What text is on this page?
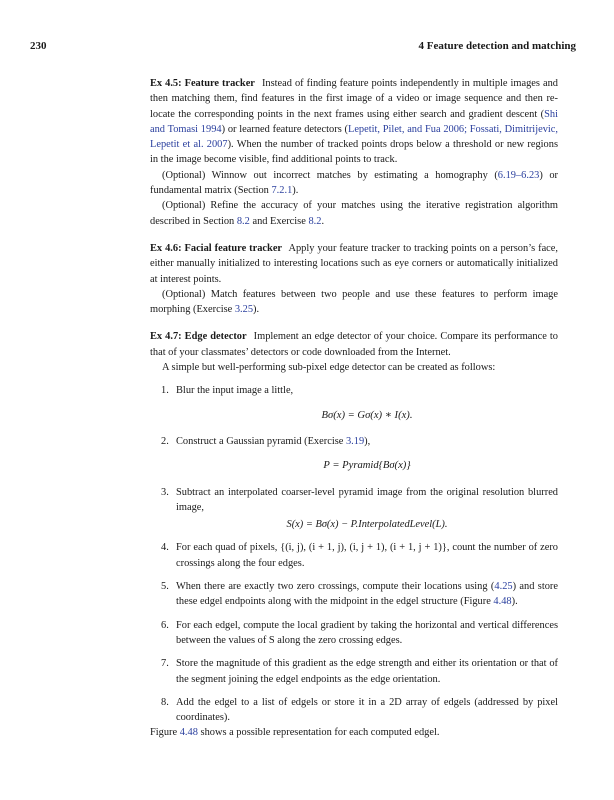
230	4 Feature detection and matching

Ex 4.5: Feature tracker Instead of finding feature points independently in multiple images and then matching them, find features in the first image of a video or image sequence and then re-locate the corresponding points in the next frames using either search and gradient descent (Shi and Tomasi 1994) or learned feature detectors (Lepetit, Pilet, and Fua 2006; Fossati, Dimitrijevic, Lepetit et al. 2007). When the number of tracked points drops below a threshold or new regions in the image become visible, find additional points to track.

(Optional) Winnow out incorrect matches by estimating a homography (6.19–6.23) or fundamental matrix (Section 7.2.1).

(Optional) Refine the accuracy of your matches using the iterative registration algorithm described in Section 8.2 and Exercise 8.2.

Ex 4.6: Facial feature tracker Apply your feature tracker to tracking points on a person’s face, either manually initialized to interesting locations such as eye corners or automatically initialized at interest points.

(Optional) Match features between two people and use these features to perform image morphing (Exercise 3.25).

Ex 4.7: Edge detector Implement an edge detector of your choice. Compare its performance to that of your classmates’ detectors or code downloaded from the Internet.

A simple but well-performing sub-pixel edge detector can be created as follows:

1. Blur the input image a little,
Bσ(x) = Gσ(x) ∗ I(x).
2. Construct a Gaussian pyramid (Exercise 3.19),
P = Pyramid{Bσ(x)}
3. Subtract an interpolated coarser-level pyramid image from the original resolution blurred image,
S(x) = Bσ(x) − P.InterpolatedLevel(L).
4. For each quad of pixels, {(i, j), (i + 1, j), (i, j + 1), (i + 1, j + 1)}, count the number of zero crossings along the four edges.
5. When there are exactly two zero crossings, compute their locations using (4.25) and store these edgel endpoints along with the midpoint in the edgel structure (Figure 4.48).
6. For each edgel, compute the local gradient by taking the horizontal and vertical differences between the values of S along the zero crossing edges.
7. Store the magnitude of this gradient as the edge strength and either its orientation or that of the segment joining the edgel endpoints as the edge orientation.
8. Add the edgel to a list of edgels or store it in a 2D array of edgels (addressed by pixel coordinates).

Figure 4.48 shows a possible representation for each computed edgel.
